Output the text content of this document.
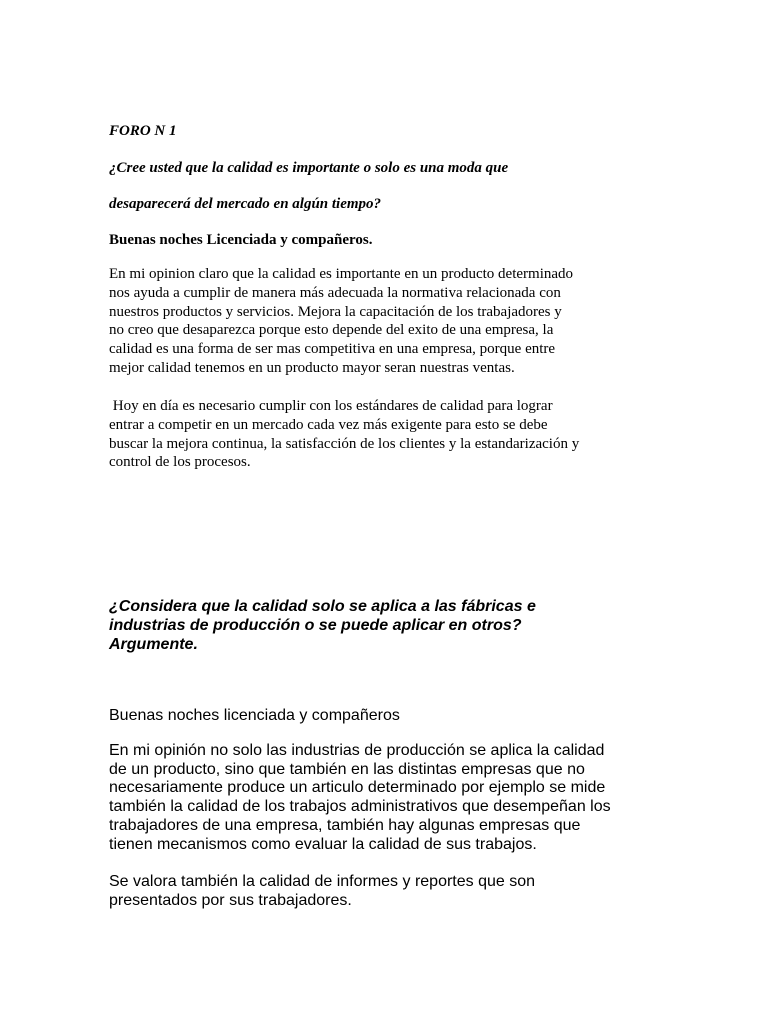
FORO N 1

¿Cree usted que la calidad es importante o solo es una moda que

desaparecerá del mercado en algún tiempo?

Buenas noches Licenciada y compañeros.

En mi opinion claro que la calidad es importante en un producto determinado
nos ayuda a cumplir de manera más adecuada la normativa relacionada con
nuestros productos y servicios. Mejora la capacitación de los trabajadores y
no creo que desaparezca porque esto depende del exito de una empresa, la
calidad es una forma de ser mas competitiva en una empresa, porque entre
mejor calidad tenemos en un producto mayor seran nuestras ventas.

Hoy en día es necesario cumplir con los estándares de calidad para lograr
entrar a competir en un mercado cada vez más exigente para esto se debe
buscar la mejora continua, la satisfacción de los clientes y la estandarización y
control de los procesos.

¿Considera que la calidad solo se aplica a las fábricas e
industrias de producción o se puede aplicar en otros?
Argumente.

Buenas noches licenciada y compañeros

En mi opinión no solo las industrias de producción se aplica la calidad
de un producto, sino que también en las distintas empresas que no
necesariamente produce un articulo determinado por ejemplo se mide
también la calidad de los trabajos administrativos que desempeñan los
trabajadores de una empresa, también hay algunas empresas que
tienen mecanismos como evaluar la calidad de sus trabajos.

Se valora también la calidad de informes y reportes que son
presentados por sus trabajadores.
